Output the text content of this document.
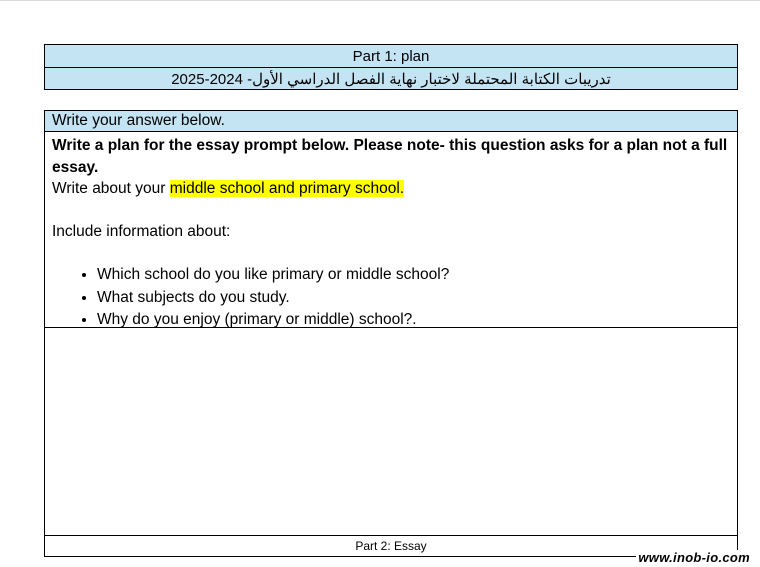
Part 1: plan
تدريبات الكتابة المحتملة لاختبار نهاية الفصل الدراسي الأول- 2024-2025
Write your answer below.
Write a plan for the essay prompt below. Please note- this question asks for a plan not a full essay.
Write about your middle school and primary school.
Include information about:
• Which school do you like primary or middle school?
• What subjects do you study.
• Why do you enjoy (primary or middle) school?.
Part 2: Essay
www.inob-io.com
